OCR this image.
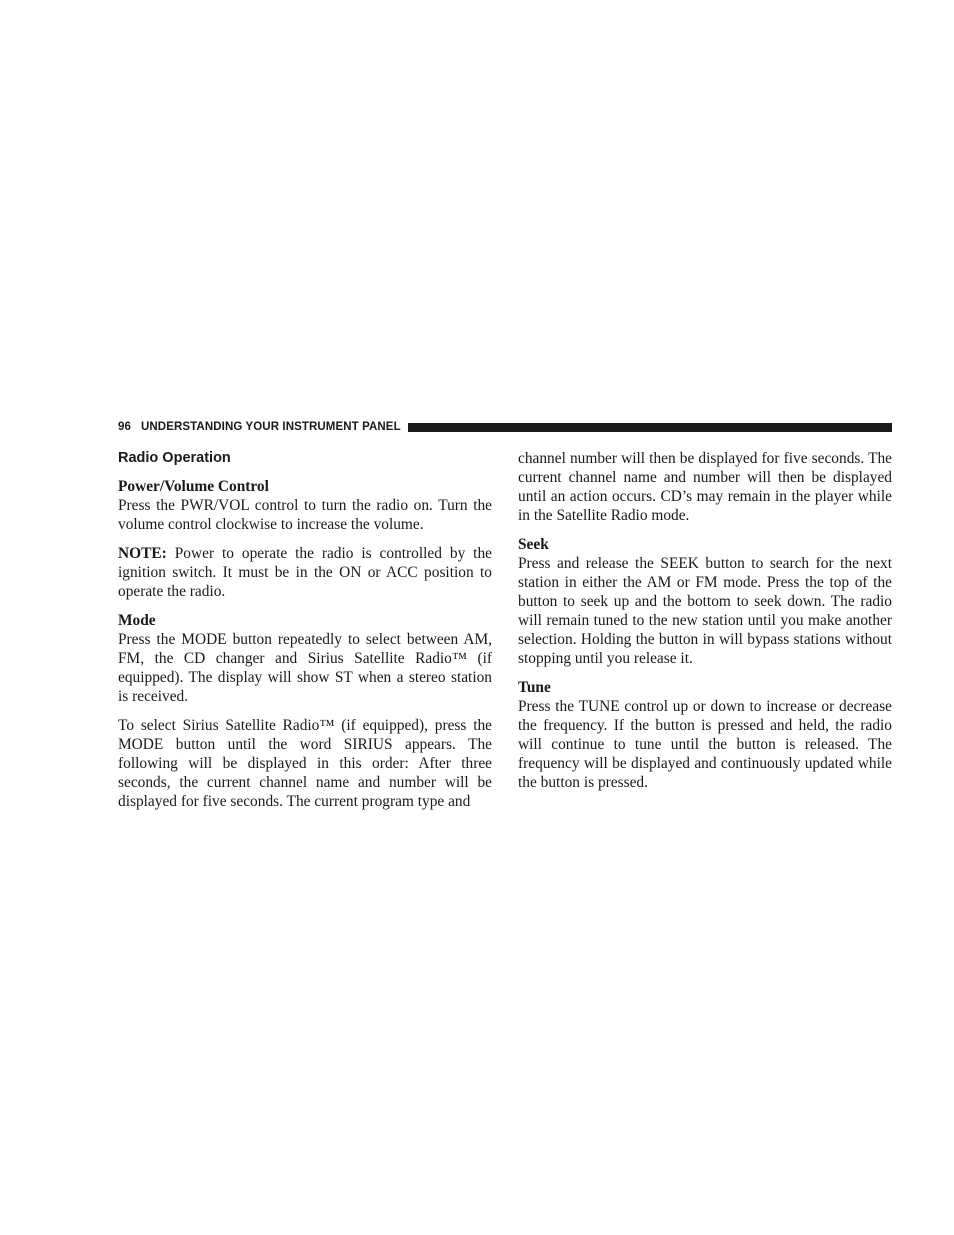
96 UNDERSTANDING YOUR INSTRUMENT PANEL
Radio Operation
Power/Volume Control

Press the PWR/VOL control to turn the radio on. Turn the volume control clockwise to increase the volume.

NOTE: Power to operate the radio is controlled by the ignition switch. It must be in the ON or ACC position to operate the radio.

Mode

Press the MODE button repeatedly to select between AM, FM, the CD changer and Sirius Satellite Radio™ (if equipped). The display will show ST when a stereo station is received.

To select Sirius Satellite Radio™ (if equipped), press the MODE button until the word SIRIUS appears. The following will be displayed in this order: After three seconds, the current channel name and number will be displayed for five seconds. The current program type and

channel number will then be displayed for five seconds. The current channel name and number will then be displayed until an action occurs. CD’s may remain in the player while in the Satellite Radio mode.

Seek

Press and release the SEEK button to search for the next station in either the AM or FM mode. Press the top of the button to seek up and the bottom to seek down. The radio will remain tuned to the new station until you make another selection. Holding the button in will bypass stations without stopping until you release it.

Tune

Press the TUNE control up or down to increase or decrease the frequency. If the button is pressed and held, the radio will continue to tune until the button is released. The frequency will be displayed and continuously updated while the button is pressed.
